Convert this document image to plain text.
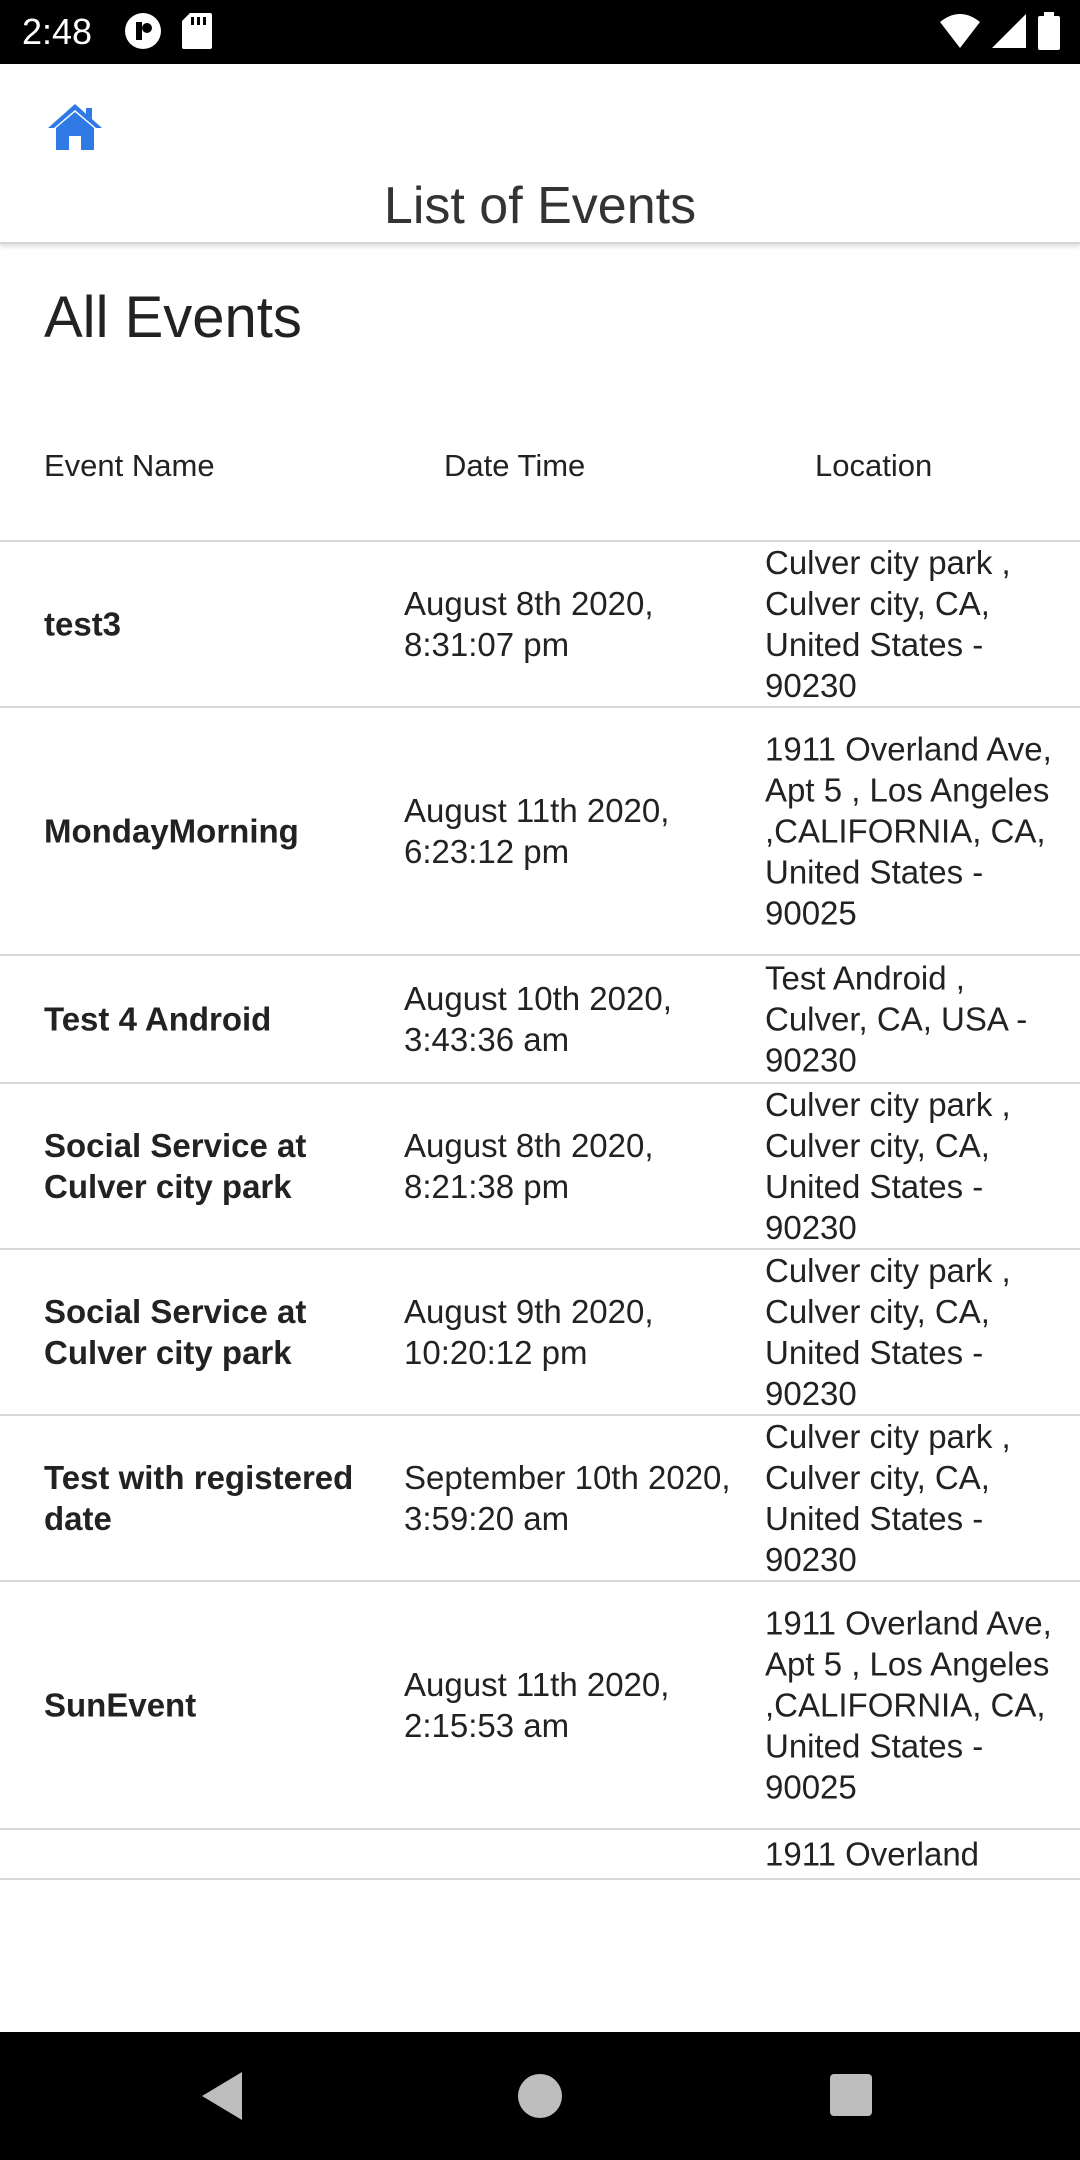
2:48
List of Events
All Events
Event Name	Date Time	Location
test3
August 8th 2020, 8:31:07 pm
Culver city park , Culver city, CA, United States - 90230
MondayMorning
August 11th 2020, 6:23:12 pm
1911 Overland Ave, Apt 5 , Los Angeles ,CALIFORNIA, CA, United States - 90025
Test 4 Android
August 10th 2020, 3:43:36 am
Test Android , Culver, CA, USA - 90230
Social Service at Culver city park
August 8th 2020, 8:21:38 pm
Culver city park , Culver city, CA, United States - 90230
Social Service at Culver city park
August 9th 2020, 10:20:12 pm
Culver city park , Culver city, CA, United States - 90230
Test with registered date
September 10th 2020, 3:59:20 am
Culver city park , Culver city, CA, United States - 90230
SunEvent
August 11th 2020, 2:15:53 am
1911 Overland Ave, Apt 5 , Los Angeles ,CALIFORNIA, CA, United States - 90025
1911 Overland
